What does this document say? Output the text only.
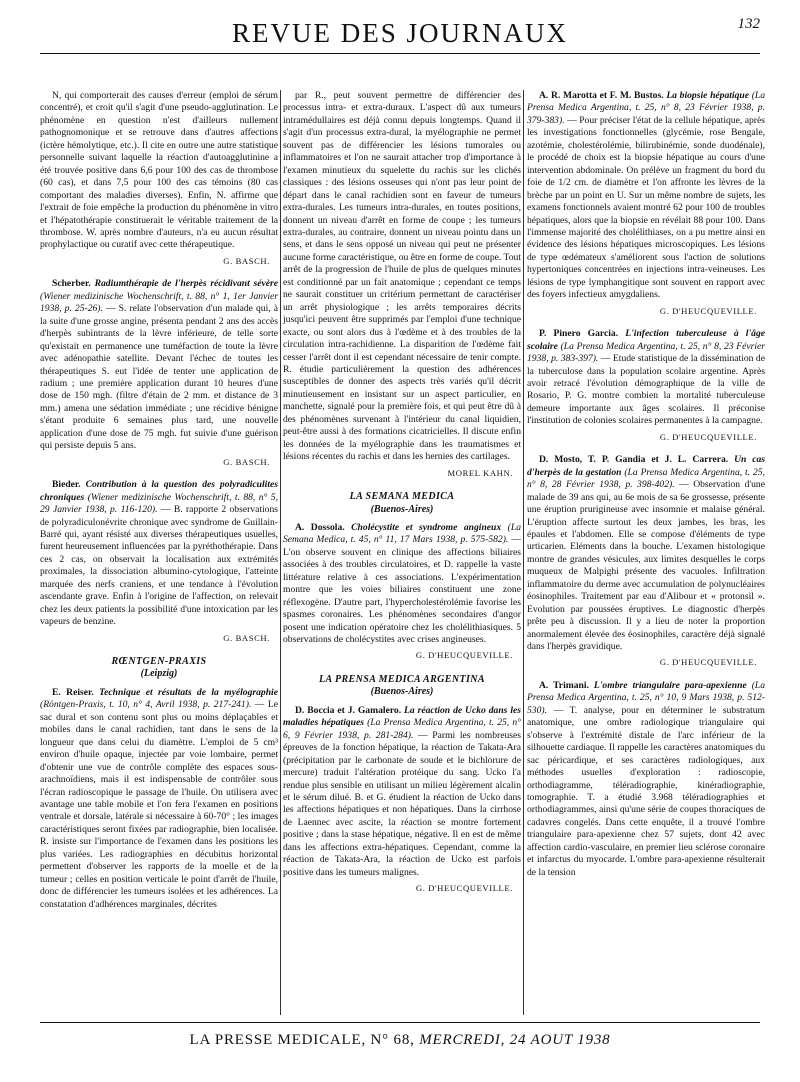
REVUE DES JOURNAUX	132

N, qui comporterait des causes d'erreur (emploi de sérum concentré), et croit qu'il s'agit d'une pseudo-agglutination. Le phénomène en question n'est d'ailleurs nullement pathognomonique et se retrouve dans d'autres affections (ictère hémolytique, etc.). Il cite en outre une autre statistique personnelle suivant laquelle la réaction d'autoagglutinine a été trouvée positive dans 6,6 pour 100 des cas de thrombose (60 cas), et dans 7,5 pour 100 des cas témoins (80 cas comportant des maladies diverses). Enfin, N. affirme que l'extrait de foie empêche la production du phénomène in vitro et l'hépatothérapie constituerait le véritable traitement de la thrombose. W. après nombre d'auteurs, n'a eu aucun résultat prophylactique ou curatif avec cette thérapeutique.

G. BASCH.

Scherber. Radiumthérapie de l'herpès récidivant sévère (Wiener medizinische Wochenschrift, t. 88, n° 1, 1er Janvier 1938, p. 25-26). — S. relate l'observation d'un malade qui, à la suite d'une grosse angine, présenta pendant 2 ans des accès d'herpès subintrants de la lèvre inférieure, de telle sorte qu'existait en permanence une tuméfaction de toute la lèvre avec adénopathie satellite. Devant l'échec de toutes les thérapeutiques S. eut l'idée de tenter une application de radium ; une première application durant 10 heures d'une dose de 150 mgh. (filtre d'étain de 2 mm. et distance de 3 mm.) amena une sédation immédiate ; une récidive bénigne s'étant produite 6 semaines plus tard, une nouvelle application d'une dose de 75 mgh. fut suivie d'une guérison qui persiste depuis 5 ans.

G. BASCH.

Bieder. Contribution à la question des polyradiculites chroniques (Wiener medizinische Wochenschrift, t. 88, n° 5, 29 Janvier 1938, p. 116-120). — B. rapporte 2 observations de polyradiculonévrite chronique avec syndrome de Guillain-Barré qui, ayant résisté aux diverses thérapeutiques usuelles, furent heureusement influencées par la pyréthothérapie. Dans ces 2 cas, on observait la localisation aux extrémités proximales, la dissociation albumino-cytologique, l'atteinte marquée des nerfs craniens, et une tendance à l'évolution ascendante grave. Enfin à l'origine de l'affection, on relevait chez les deux patients la possibilité d'une intoxication par les vapeurs de benzine.

G. BASCH.
RŒNTGEN-PRAXIS
(Leipzig)

E. Reiser. Technique et résultats de la myélographie (Röntgen-Praxis, t. 10, n° 4, Avril 1938, p. 217-241). — Le sac dural et son contenu sont plus ou moins déplaçables et mobiles dans le canal rachidien, tant dans le sens de la longueur que dans celui du diamètre. L'emploi de 5 cm³ environ d'huile opaque, injectée par voie lombaire, permet d'obtenir une vue de contrôle complète des espaces sous-arachnoïdiens, mais il est indispensable de contrôler sous l'écran radioscopique le passage de l'huile. On utilisera avec avantage une table mobile et l'on fera l'examen en positions ventrale et dorsale, latérale si nécessaire à 60-70° ; les images caractéristiques seront fixées par radiographie, bien localisée. R. insiste sur l'importance de l'examen dans les positions les plus variées. Les radiographies en décubitus horizontal permettent d'observer les rapports de la moelle et de la tumeur ; celles en position verticale le point d'arrêt de l'huile, donc de différencier les tumeurs isolées et les adhérences. La constatation d'adhérences marginales, décrites

par R., peut souvent permettre de différencier des processus intra- et extra-duraux. L'aspect dû aux tumeurs intramédullaires est déjà connu depuis longtemps. Quand il s'agit d'un processus extra-dural, la myélographie ne permet souvent pas de différencier les lésions tumorales ou inflammatoires et l'on ne saurait attacher trop d'importance à l'examen minutieux du squelette du rachis sur les clichés classiques : des lésions osseuses qui n'ont pas leur point de départ dans le canal rachidien sont en faveur de tumeurs extra-durales. Les tumeurs intra-durales, en toutes positions, donnent un niveau d'arrêt en forme de coupe ; les tumeurs extra-durales, au contraire, donnent un niveau pointu dans un sens, et dans le sens opposé un niveau qui peut ne présenter aucune forme caractéristique, ou être en forme de coupe. Tout arrêt de la progression de l'huile de plus de quelques minutes est conditionné par un fait anatomique ; cependant ce temps ne saurait constituer un critérium permettant de caractériser un arrêt physiologique ; les arrêts temporaires décrits jusqu'ici peuvent être supprimés par l'emploi d'une technique exacte, ou sont alors dus à l'œdème et à des troubles de la circulation intra-rachidienne. La disparition de l'œdème fait cesser l'arrêt dont il est cependant nécessaire de tenir compte. R. étudie particulièrement la question des adhérences susceptibles de donner des aspects très variés qu'il décrit minutieusement en insistant sur un aspect particulier, en manchette, signalé pour la première fois, et qui peut être dû à des phénomènes survenant à l'intérieur du canal liquidien, peut-être aussi à des formations cicatricielles. Il discute enfin les données de la myélographie dans les traumatismes et lésions récentes du rachis et dans les hernies des cartilages.

MOREL KAHN.
LA SEMANA MEDICA
(Buenos-Aires)

A. Dossola. Cholécystite et syndrome angineux (La Semana Medica, t. 45, n° 11, 17 Mars 1938, p. 575-582). — L'on observe souvent en clinique des affections biliaires associées à des troubles circulatoires, et D. rappelle la vaste littérature relative à ces associations. L'expérimentation montre que les voies biliaires constituent une zone réflexogène. D'autre part, l'hypercholestérolémie favorise les spasmes coronaires. Les phénomènes secondaires d'angor posent une indication opératoire chez les cholélithiasiques. 5 observations de cholécystites avec crises angineuses.

G. D'HEUCQUEVILLE.
LA PRENSA MEDICA ARGENTINA
(Buenos-Aires)

D. Boccia et J. Gamalero. La réaction de Ucko dans les maladies hépatiques (La Prensa Medica Argentina, t. 25, n° 6, 9 Février 1938, p. 281-284). — Parmi les nombreuses épreuves de la fonction hépatique, la réaction de Takata-Ara (précipitation par le carbonate de soude et le bichlorure de mercure) traduit l'altération protéique du sang. Ucko l'a rendue plus sensible en utilisant un milieu légèrement alcalin et le sérum dilué. B. et G. étudient la réaction de Ucko dans les affections hépatiques et non hépatiques. Dans la cirrhose de Laennec avec ascite, la réaction se montre fortement positive ; dans la stase hépatique, négative. Il en est de même dans les affections extra-hépatiques. Cependant, comme la réaction de Takata-Ara, la réaction de Ucko est parfois positive dans les tumeurs malignes.

G. D'HEUCQUEVILLE.

A. R. Marotta et F. M. Bustos. La biopsie hépatique (La Prensa Medica Argentina, t. 25, n° 8, 23 Février 1938, p. 379-383). — Pour préciser l'état de la cellule hépatique, après les investigations fonctionnelles (glycémie, rose Bengale, azotémie, cholestérolémie, bilirubinémie, sonde duodénale), le procédé de choix est la biopsie hépatique au cours d'une intervention abdominale. On prélève un fragment du bord du foie de 1/2 cm. de diamètre et l'on affronte les lèvres de la brèche par un point en U. Sur un même nombre de sujets, les examens fonctionnels avaient montré 62 pour 100 de troubles hépatiques, alors que la biopsie en révélait 88 pour 100. Dans l'immense majorité des cholélithiases, on a pu mettre ainsi en évidence des lésions hépatiques microscopiques. Les lésions de type œdémateux s'améliorent sous l'action de solutions hypertoniques concentrées en injections intra-veineuses. Les lésions de type lymphangitique sont souvent en rapport avec des foyers infectieux amygdaliens.

G. D'HEUCQUEVILLE.

P. Pinero Garcia. L'infection tuberculeuse à l'âge scolaire (La Prensa Medica Argentina, t. 25, n° 8, 23 Février 1938, p. 383-397). — Etude statistique de la dissémination de la tuberculose dans la population scolaire argentine. Après avoir retracé l'évolution démographique de la ville de Rosario, P. G. montre combien la mortalité tuberculeuse demeure importante aux âges scolaires. Il préconise l'institution de colonies scolaires permanentes à la campagne.

G. D'HEUCQUEVILLE.

D. Mosto, T. P. Gandia et J. L. Carrera. Un cas d'herpès de la gestation (La Prensa Medica Argentina, t. 25, n° 8, 28 Février 1938, p. 398-402). — Observation d'une malade de 39 ans qui, au 6e mois de sa 6e grossesse, présente une éruption prurigineuse avec insomnie et malaise général. L'éruption affecte surtout les deux jambes, les bras, les épaules et l'abdomen. Elle se compose d'éléments de type urticarien. Eléments dans la bouche. L'examen histologique montre de grandes vésicules, aux limites desquelles le corps muqueux de Malpighi présente des vacuoles. Infiltration inflammatoire du derme avec accumulation de polynucléaires éosinophiles. Traitement par eau d'Alibour et « protonsil ». Evolution par poussées éruptives. Le diagnostic d'herpès prête peu à discussion. Il y a lieu de noter la proportion anormalement élevée des éosinophiles, caractère déjà signalé dans l'herpès gravidique.

G. D'HEUCQUEVILLE.

A. Trimani. L'ombre triangulaire para-apexienne (La Prensa Medica Argentina, t. 25, n° 10, 9 Mars 1938, p. 512-530). — T. analyse, pour en déterminer le substratum anatomique, une ombre radiologique triangulaire qui s'observe à l'extrémité distale de l'arc inférieur de la silhouette cardiaque. Il rappelle les caractères anatomiques du sac péricardique, et ses caractères radiologiques, aux méthodes usuelles d'exploration : radioscopie, orthodiagramme, téléradiographie, kinéradiographie, tomographie. T. a étudié 3.968 téléradiographies et orthodiagrammes, ainsi qu'une série de coupes thoraciques de cadavres congelés. Dans cette enquête, il a trouvé l'ombre triangulaire para-apexienne chez 57 sujets, dont 42 avec affection cardio-vasculaire, en premier lieu sclérose coronaire et infarctus du myocarde. L'ombre para-apexienne résulterait de la tension

LA PRESSE MEDICALE, N° 68, MERCREDI, 24 AOUT 1938
